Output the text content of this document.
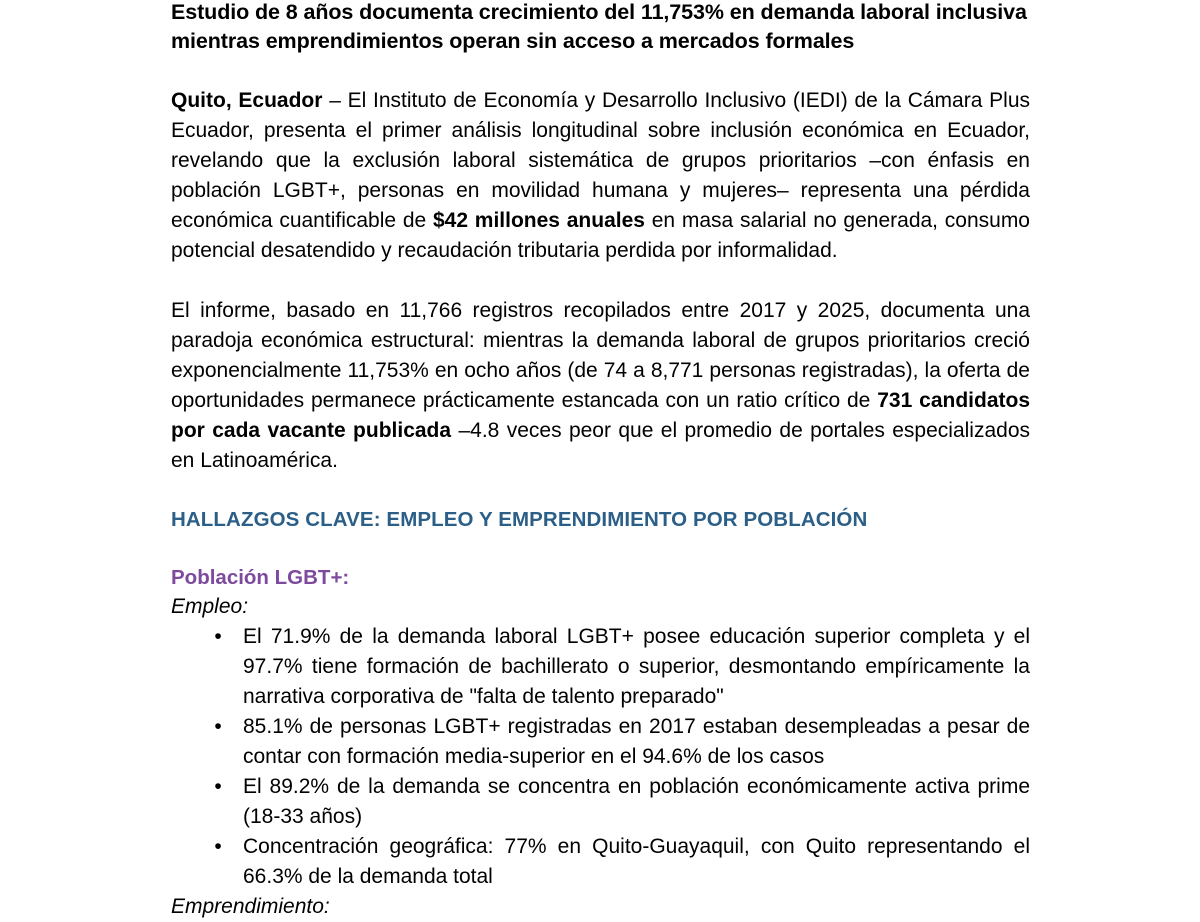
Estudio de 8 años documenta crecimiento del 11,753% en demanda laboral inclusiva mientras emprendimientos operan sin acceso a mercados formales

Quito, Ecuador – El Instituto de Economía y Desarrollo Inclusivo (IEDI) de la Cámara Plus Ecuador, presenta el primer análisis longitudinal sobre inclusión económica en Ecuador, revelando que la exclusión laboral sistemática de grupos prioritarios –con énfasis en población LGBT+, personas en movilidad humana y mujeres– representa una pérdida económica cuantificable de $42 millones anuales en masa salarial no generada, consumo potencial desatendido y recaudación tributaria perdida por informalidad.

El informe, basado en 11,766 registros recopilados entre 2017 y 2025, documenta una paradoja económica estructural: mientras la demanda laboral de grupos prioritarios creció exponencialmente 11,753% en ocho años (de 74 a 8,771 personas registradas), la oferta de oportunidades permanece prácticamente estancada con un ratio crítico de 731 candidatos por cada vacante publicada –4.8 veces peor que el promedio de portales especializados en Latinoamérica.

HALLAZGOS CLAVE: EMPLEO Y EMPRENDIMIENTO POR POBLACIÓN

Población LGBT+:

Empleo:

• El 71.9% de la demanda laboral LGBT+ posee educación superior completa y el 97.7% tiene formación de bachillerato o superior, desmontando empíricamente la narrativa corporativa de "falta de talento preparado"
• 85.1% de personas LGBT+ registradas en 2017 estaban desempleadas a pesar de contar con formación media-superior en el 94.6% de los casos
• El 89.2% de la demanda se concentra en población económicamente activa prime (18-33 años)
• Concentración geográfica: 77% en Quito-Guayaquil, con Quito representando el 66.3% de la demanda total

Emprendimiento:
